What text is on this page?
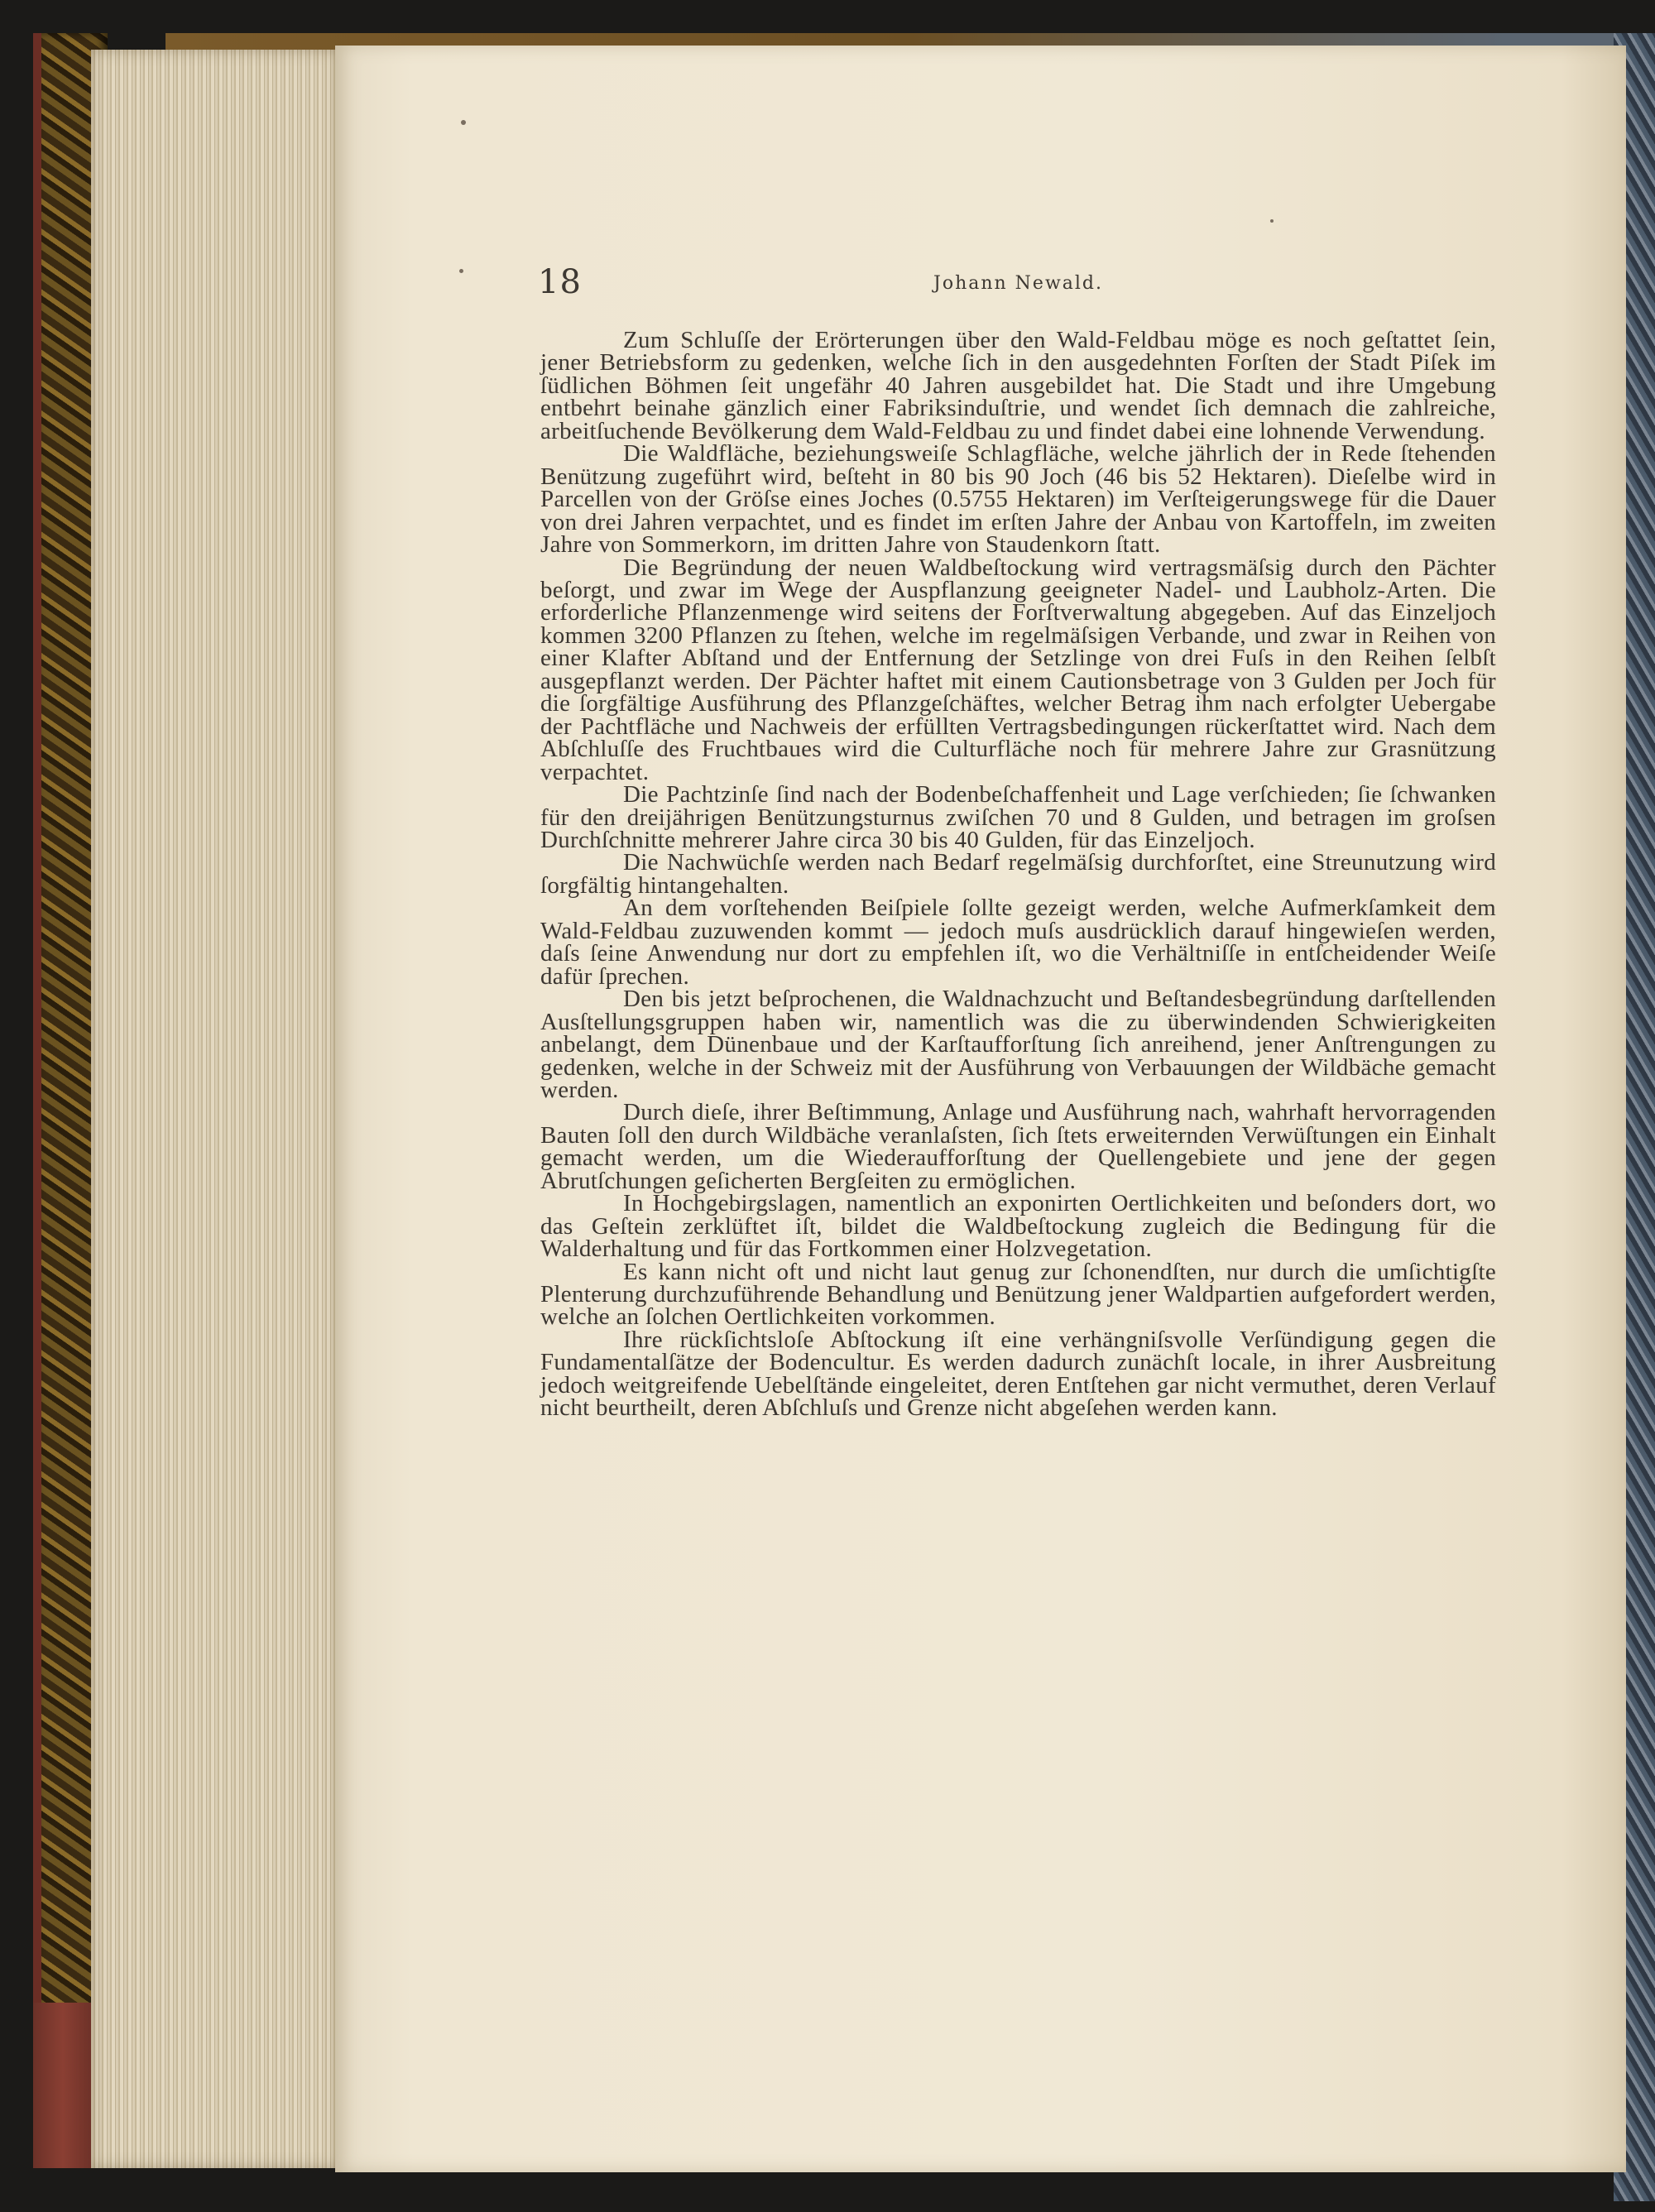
18	Johann Newald.

Zum Schluſſe der Erörterungen über den Wald-Feldbau möge es noch geſtattet ſein, jener Betriebsform zu gedenken, welche ſich in den ausgedehnten Forſten der Stadt Piſek im ſüdlichen Böhmen ſeit ungefähr 40 Jahren ausgebildet hat. Die Stadt und ihre Umgebung entbehrt beinahe gänzlich einer Fabriksinduſtrie, und wendet ſich demnach die zahlreiche, arbeitſuchende Bevölkerung dem Wald-Feldbau zu und findet dabei eine lohnende Verwendung.

Die Waldfläche, beziehungsweiſe Schlagfläche, welche jährlich der in Rede ſtehenden Benützung zugeführt wird, beſteht in 80 bis 90 Joch (46 bis 52 Hektaren). Dieſelbe wird in Parcellen von der Gröſse eines Joches (0.5755 Hektaren) im Verſteigerungswege für die Dauer von drei Jahren verpachtet, und es findet im erſten Jahre der Anbau von Kartoffeln, im zweiten Jahre von Sommerkorn, im dritten Jahre von Staudenkorn ſtatt.

Die Begründung der neuen Waldbeſtockung wird vertragsmäſsig durch den Pächter beſorgt, und zwar im Wege der Auspflanzung geeigneter Nadel- und Laubholz-Arten. Die erforderliche Pflanzenmenge wird seitens der Forſtverwaltung abgegeben. Auf das Einzeljoch kommen 3200 Pflanzen zu ſtehen, welche im regelmäſsigen Verbande, und zwar in Reihen von einer Klafter Abſtand und der Entfernung der Setzlinge von drei Fuſs in den Reihen ſelbſt ausgepflanzt werden. Der Pächter haftet mit einem Cautionsbetrage von 3 Gulden per Joch für die ſorgfältige Ausführung des Pflanzgeſchäftes, welcher Betrag ihm nach erfolgter Uebergabe der Pachtfläche und Nachweis der erfüllten Vertragsbedingungen rückerſtattet wird. Nach dem Abſchluſſe des Fruchtbaues wird die Culturfläche noch für mehrere Jahre zur Grasnützung verpachtet.

Die Pachtzinſe ſind nach der Bodenbeſchaffenheit und Lage verſchieden; ſie ſchwanken für den dreijährigen Benützungsturnus zwiſchen 70 und 8 Gulden, und betragen im groſsen Durchſchnitte mehrerer Jahre circa 30 bis 40 Gulden, für das Einzeljoch.

Die Nachwüchſe werden nach Bedarf regelmäſsig durchforſtet, eine Streunutzung wird ſorgfältig hintangehalten.

An dem vorſtehenden Beiſpiele ſollte gezeigt werden, welche Aufmerkſamkeit dem Wald-Feldbau zuzuwenden kommt — jedoch muſs ausdrücklich darauf hingewieſen werden, daſs ſeine Anwendung nur dort zu empfehlen iſt, wo die Verhältniſſe in entſcheidender Weiſe dafür ſprechen.

Den bis jetzt beſprochenen, die Waldnachzucht und Beſtandesbegründung darſtellenden Ausſtellungsgruppen haben wir, namentlich was die zu überwindenden Schwierigkeiten anbelangt, dem Dünenbaue und der Karſtaufforſtung ſich anreihend, jener Anſtrengungen zu gedenken, welche in der Schweiz mit der Ausführung von Verbauungen der Wildbäche gemacht werden.

Durch dieſe, ihrer Beſtimmung, Anlage und Ausführung nach, wahrhaft hervorragenden Bauten ſoll den durch Wildbäche veranlaſsten, ſich ſtets erweiternden Verwüſtungen ein Einhalt gemacht werden, um die Wiederaufforſtung der Quellengebiete und jene der gegen Abrutſchungen geſicherten Bergſeiten zu ermöglichen.

In Hochgebirgslagen, namentlich an exponirten Oertlichkeiten und beſonders dort, wo das Geſtein zerklüftet iſt, bildet die Waldbeſtockung zugleich die Bedingung für die Walderhaltung und für das Fortkommen einer Holzvegetation.

Es kann nicht oft und nicht laut genug zur ſchonendſten, nur durch die umſichtigſte Plenterung durchzuführende Behandlung und Benützung jener Waldpartien aufgefordert werden, welche an ſolchen Oertlichkeiten vorkommen.

Ihre rückſichtsloſe Abſtockung iſt eine verhängniſsvolle Verſündigung gegen die Fundamentalſätze der Bodencultur. Es werden dadurch zunächſt locale, in ihrer Ausbreitung jedoch weitgreifende Uebelſtände eingeleitet, deren Entſtehen gar nicht vermuthet, deren Verlauf nicht beurtheilt, deren Abſchluſs und Grenze nicht abgeſehen werden kann.
